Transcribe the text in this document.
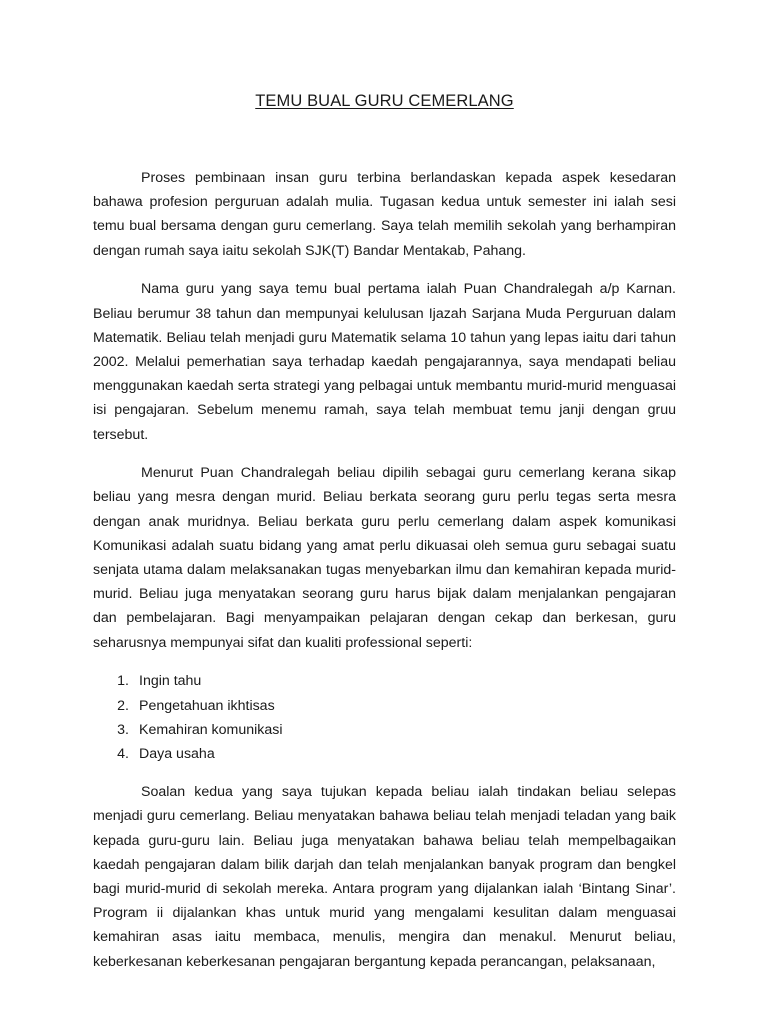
TEMU BUAL GURU CEMERLANG

Proses pembinaan insan guru terbina berlandaskan kepada aspek kesedaran bahawa profesion perguruan adalah mulia. Tugasan kedua untuk semester ini ialah sesi temu bual bersama dengan guru cemerlang. Saya telah memilih sekolah yang berhampiran dengan rumah saya iaitu sekolah SJK(T) Bandar Mentakab, Pahang.

Nama guru yang saya temu bual pertama ialah Puan Chandralegah a/p Karnan. Beliau berumur 38 tahun dan mempunyai kelulusan Ijazah Sarjana Muda Perguruan dalam Matematik. Beliau telah menjadi guru Matematik selama 10 tahun yang lepas iaitu dari tahun 2002. Melalui pemerhatian saya terhadap kaedah pengajarannya, saya mendapati beliau menggunakan kaedah serta strategi yang pelbagai untuk membantu murid-murid menguasai isi pengajaran. Sebelum menemu ramah, saya telah membuat temu janji dengan gruu tersebut.

Menurut Puan Chandralegah beliau dipilih sebagai guru cemerlang kerana sikap beliau yang mesra dengan murid. Beliau berkata seorang guru perlu tegas serta mesra dengan anak muridnya. Beliau berkata guru perlu cemerlang dalam aspek komunikasi Komunikasi adalah suatu bidang yang amat perlu dikuasai oleh semua guru sebagai suatu senjata utama dalam melaksanakan tugas menyebarkan ilmu dan kemahiran kepada murid-murid. Beliau juga menyatakan seorang guru harus bijak dalam menjalankan pengajaran dan pembelajaran. Bagi menyampaikan pelajaran dengan cekap dan berkesan, guru seharusnya mempunyai sifat dan kualiti professional seperti:

1. Ingin tahu
2. Pengetahuan ikhtisas
3. Kemahiran komunikasi
4. Daya usaha

Soalan kedua yang saya tujukan kepada beliau ialah tindakan beliau selepas menjadi guru cemerlang. Beliau menyatakan bahawa beliau telah menjadi teladan yang baik kepada guru-guru lain. Beliau juga menyatakan bahawa beliau telah mempelbagaikan kaedah pengajaran dalam bilik darjah dan telah menjalankan banyak program dan bengkel bagi murid-murid di sekolah mereka. Antara program yang dijalankan ialah ‘Bintang Sinar’. Program ii dijalankan khas untuk murid yang mengalami kesulitan dalam menguasai kemahiran asas iaitu membaca, menulis, mengira dan menakul. Menurut beliau, keberkesanan keberkesanan pengajaran bergantung kepada perancangan, pelaksanaan,
